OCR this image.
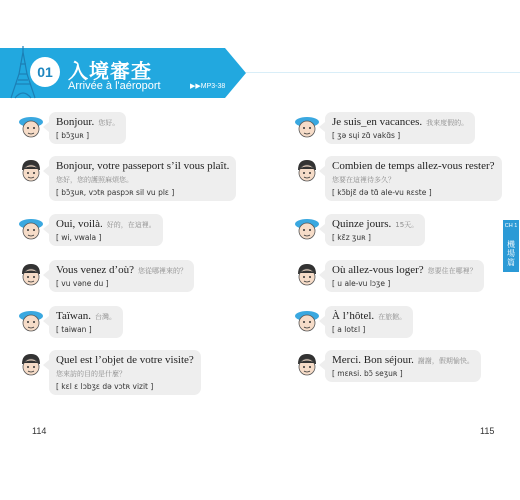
01 入境審查
Arrivée à l'aéroport	▶▶MP3-38
Bonjour. 您好。
[ bɔ̃ʒuʀ ]
Bonjour, votre passeport s’il vous plaît.
您好，您的護照麻煩您。
[ bɔ̃ʒuʀ, vɔtʀ paspɔʀ sil vu plɛ ]
Oui, voilà. 好的，在這裡。
[ wi, vwala ]
Vous venez d’où? 您從哪裡來的？
[ vu vəne du ]
Taïwan. 台灣。
[ taiwan ]
Quel est l’objet de votre visite?
您來訪的目的是什麼？
[ kɛl ɛ lɔbʒɛ də vɔtʀ vizit ]
Je suis_en vacances. 我來度假的。
[ ʒə sɥi zɑ̃ vakɑ̃s ]
Combien de temps allez-vous rester?
您要在這裡待多久？
[ kɔ̃bjɛ̃ də tɑ̃ ale-vu ʀɛste ]
Quinze jours. 15天。
[ kɛ̃z ʒuʀ ]
Où allez-vous loger? 您要住在哪裡？
[ u ale-vu lɔʒe ]
À l’hôtel. 在旅館。
[ a lotɛl ]
Merci. Bon séjour. 謝謝，假期愉快。
[ mɛʀsi. bɔ̃ seʒuʀ ]
CH 1
機
場
篇
114	115
